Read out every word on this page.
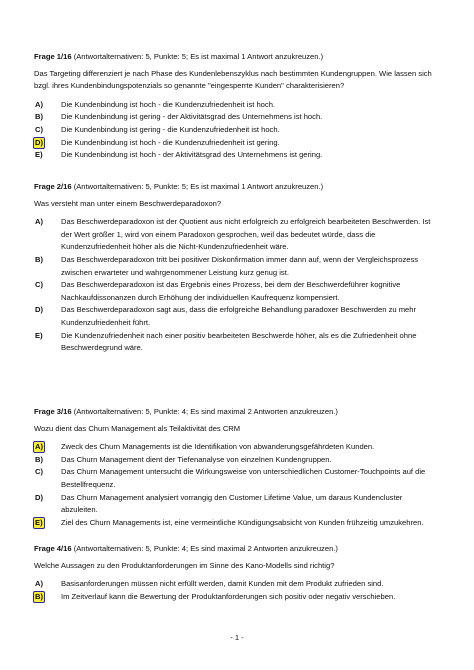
Frage 1/16 (Antwortalternativen: 5, Punkte: 5; Es ist maximal 1 Antwort anzukreuzen.)

Das Targeting differenziert je nach Phase des Kundenlebenszyklus nach bestimmten Kundengruppen. Wie lassen sich bzgl. ihres Kundenbindungspotenzials so genannte "eingesperrte Kunden" charakterisieren?

A)	Die Kundenbindung ist hoch - die Kundenzufriedenheit ist hoch.
B)	Die Kundenbindung ist gering - der Aktivitätsgrad des Unternehmens ist hoch.
C)	Die Kundenbindung ist gering - die Kundenzufriedenheit ist hoch.
D)	Die Kundenbindung ist hoch - die Kundenzufriedenheit ist gering.
E)	Die Kundenbindung ist hoch - der Aktivitätsgrad des Unternehmens ist gering.

Frage 2/16 (Antwortalternativen: 5, Punkte: 5; Es ist maximal 1 Antwort anzukreuzen.)

Was versteht man unter einem Beschwerdeparadoxon?

A)	Das Beschwerdeparadoxon ist der Quotient aus nicht erfolgreich zu erfolgreich bearbeiteten Beschwerden. Ist der Wert größer 1, wird von einem Paradoxon gesprochen, weil das bedeutet würde, dass die Kundenzufriedenheit höher als die Nicht-Kundenzufriedenheit wäre.
B)	Das Beschwerdeparadoxon tritt bei positiver Diskonfirmation immer dann auf, wenn der Vergleichsprozess zwischen erwarteter und wahrgenommener Leistung kurz genug ist.
C)	Das Beschwerdeparadoxon ist das Ergebnis eines Prozess, bei dem der Beschwerdeführer kognitive Nachkaufdissonanzen durch Erhöhung der individuellen Kaufrequenz kompensiert.
D)	Das Beschwerdeparadoxon sagt aus, dass die erfolgreiche Behandlung paradoxer Beschwerden zu mehr Kundenzufriedenheit führt.
E)	Die Kundenzufriedenheit nach einer positiv bearbeiteten Beschwerde höher, als es die Zufriedenheit ohne Beschwerdegrund wäre.

Frage 3/16 (Antwortalternativen: 5, Punkte: 4; Es sind maximal 2 Antworten anzukreuzen.)

Wozu dient das Churn Management als Teilaktivität des CRM

A)	Zweck des Churn Managements ist die Identifikation von abwanderungsgefährdeten Kunden.
B)	Das Churn Management dient der Tiefenanalyse von einzelnen Kundengruppen.
C)	Das Churn Management untersucht die Wirkungsweise von unterschiedlichen Customer-Touchpoints auf die Bestellfrequenz.
D)	Das Churn Management analysiert vorrangig den Customer Lifetime Value, um daraus Kundencluster abzuleiten.
E)	Ziel des Churn Managements ist, eine vermeintliche Kündigungsabsicht von Kunden frühzeitig umzukehren.

Frage 4/16 (Antwortalternativen: 5, Punkte: 4; Es sind maximal 2 Antworten anzukreuzen.)

Welche Aussagen zu den Produktanforderungen im Sinne des Kano-Modells sind richtig?

A)	Basisanforderungen müssen nicht erfüllt werden, damit Kunden mit dem Produkt zufrieden sind.
B)	Im Zeitverlauf kann die Bewertung der Produktanforderungen sich positiv oder negativ verschieben.
- 1 -
